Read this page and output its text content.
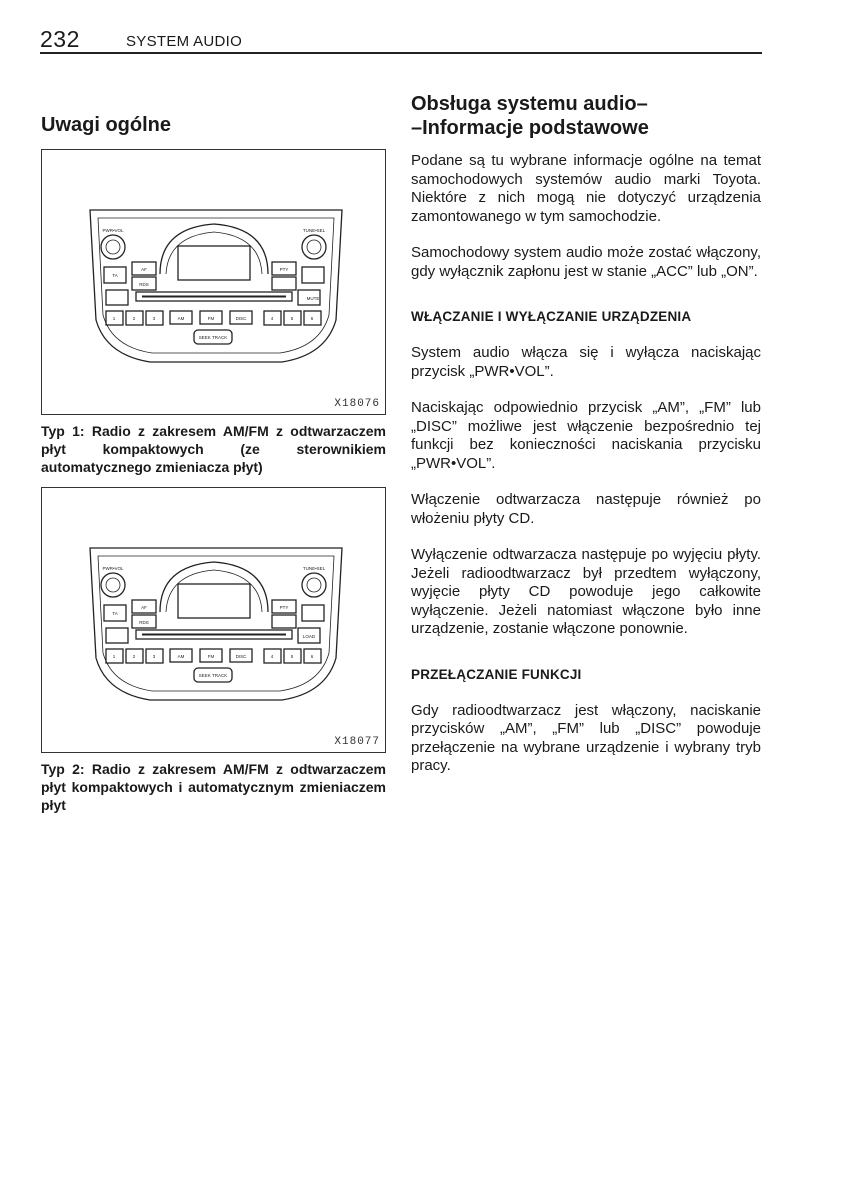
232	SYSTEM AUDIO
Uwagi ogólne
PWR•VOL	TUNE•SEL
TA
AF
RDS
PTY
MUTE
AM	FM	DISC
SEEK TRACK
1	2	3	4	5	6
X18076

Typ 1: Radio z zakresem AM/FM z odtwarzaczem płyt kompaktowych (ze sterownikiem automatycznego zmieniacza płyt)

PWR•VOL	TUNE•SEL
TA
AF
RDS
PTY
LOAD
AM	FM	DISC
SEEK TRACK
1	2	3	4	5	6
X18077

Typ 2: Radio z zakresem AM/FM z odtwarzaczem płyt kompaktowych i automatycznym zmieniaczem płyt

Obsługa systemu audio–
–Informacje podstawowe

Podane są tu wybrane informacje ogólne na temat samochodowych systemów audio marki Toyota. Niektóre z nich mogą nie dotyczyć urządzenia zamontowanego w tym samochodzie.

Samochodowy system audio może zostać włączony, gdy wyłącznik zapłonu jest w stanie „ACC” lub „ON”.

WŁĄCZANIE I WYŁĄCZANIE URZĄDZENIA

System audio włącza się i wyłącza naciskając przycisk „PWR•VOL”.

Naciskając odpowiednio przycisk „AM”, „FM” lub „DISC” możliwe jest włączenie bezpośrednio tej funkcji bez konieczności naciskania przycisku „PWR•VOL”.

Włączenie odtwarzacza następuje również po włożeniu płyty CD.

Wyłączenie odtwarzacza następuje po wyjęciu płyty. Jeżeli radioodtwarzacz był przedtem wyłączony, wyjęcie płyty CD powoduje jego całkowite wyłączenie. Jeżeli natomiast włączone było inne urządzenie, zostanie włączone ponownie.

PRZEŁĄCZANIE FUNKCJI

Gdy radioodtwarzacz jest włączony, naciskanie przycisków „AM”, „FM” lub „DISC” powoduje przełączenie na wybrane urządzenie i wybrany tryb pracy.
